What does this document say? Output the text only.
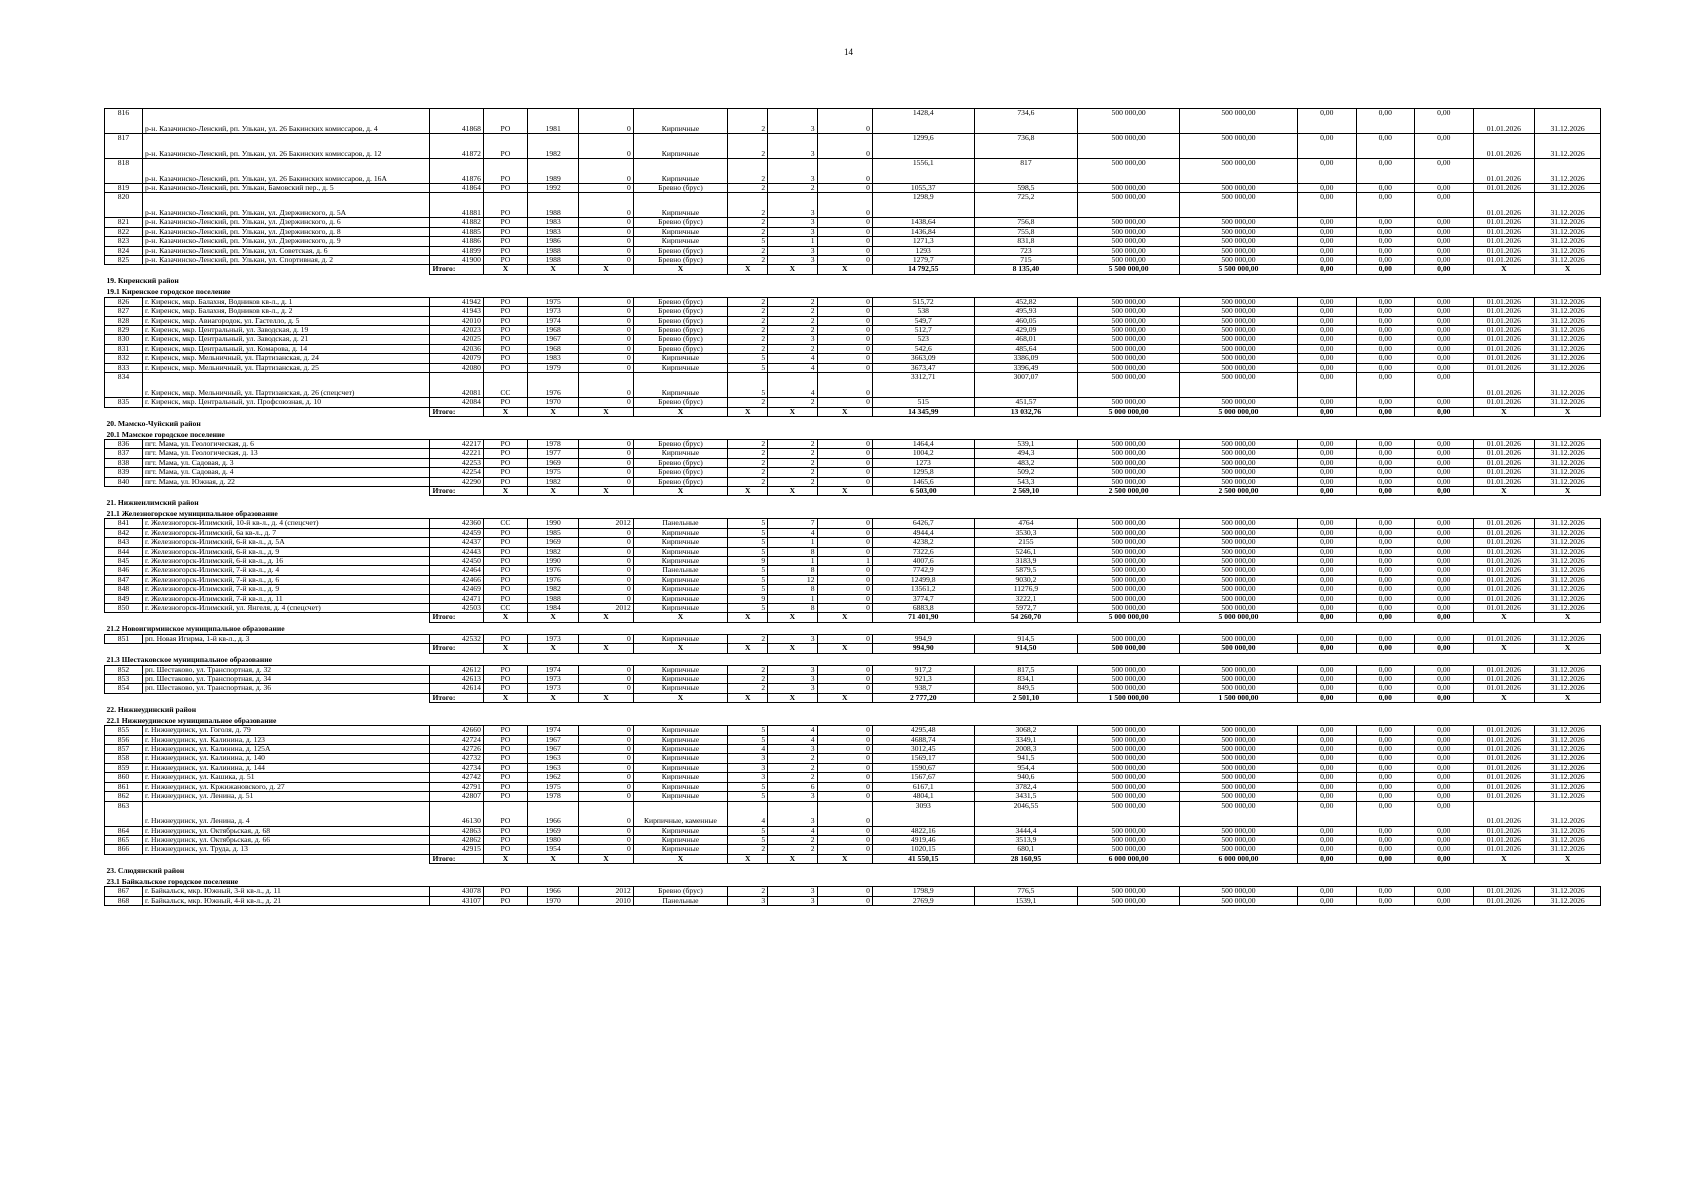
14
816	р-н. Казачинско-Ленский, рп. Улькан, ул. 26 Бакинских комиссаров, д. 4	41868	РО	1981	0	Кирпичные	2	3	0	1428,4	734,6	500 000,00	500 000,00	0,00	0,00	0,00	01.01.2026	31.12.2026
817	р-н. Казачинско-Ленский, рп. Улькан, ул. 26 Бакинских комиссаров, д. 12	41872	РО	1982	0	Кирпичные	2	3	0	1299,6	736,8	500 000,00	500 000,00	0,00	0,00	0,00	01.01.2026	31.12.2026
818	р-н. Казачинско-Ленский, рп. Улькан, ул. 26 Бакинских комиссаров, д. 16А	41876	РО	1989	0	Кирпичные	2	3	0	1556,1	817	500 000,00	500 000,00	0,00	0,00	0,00	01.01.2026	31.12.2026
819	р-н. Казачинско-Ленский, рп. Улькан, Бамовский пер., д. 5	41864	РО	1992	0	Бревно (брус)	2	2	0	1055,37	598,5	500 000,00	500 000,00	0,00	0,00	0,00	01.01.2026	31.12.2026
820	р-н. Казачинско-Ленский, рп. Улькан, ул. Дзержинского, д. 5А	41881	РО	1988	0	Кирпичные	2	3	0	1298,9	725,2	500 000,00	500 000,00	0,00	0,00	0,00	01.01.2026	31.12.2026
821	р-н. Казачинско-Ленский, рп. Улькан, ул. Дзержинского, д. 6	41882	РО	1983	0	Бревно (брус)	2	3	0	1438,64	756,8	500 000,00	500 000,00	0,00	0,00	0,00	01.01.2026	31.12.2026
822	р-н. Казачинско-Ленский, рп. Улькан, ул. Дзержинского, д. 8	41885	РО	1983	0	Кирпичные	2	3	0	1436,84	755,8	500 000,00	500 000,00	0,00	0,00	0,00	01.01.2026	31.12.2026
823	р-н. Казачинско-Ленский, рп. Улькан, ул. Дзержинского, д. 9	41886	РО	1986	0	Кирпичные	5	1	0	1271,3	831,8	500 000,00	500 000,00	0,00	0,00	0,00	01.01.2026	31.12.2026
824	р-н. Казачинско-Ленский, рп. Улькан, ул. Советская, д. 6	41899	РО	1988	0	Бревно (брус)	2	3	0	1293	723	500 000,00	500 000,00	0,00	0,00	0,00	01.01.2026	31.12.2026
825	р-н. Казачинско-Ленский, рп. Улькан, ул. Спортивная, д. 2	41900	РО	1988	0	Бревно (брус)	2	3	0	1279,7	715	500 000,00	500 000,00	0,00	0,00	0,00	01.01.2026	31.12.2026
		Итого:	X	X	X	X	X	X	X	14 792,55	8 135,40	5 500 000,00	5 500 000,00	0,00	0,00	0,00	X	X
19. Киренский район																		
19.1 Киренское городское поселение																		
826	г. Киренск, мкр. Балахня, Водников кв-л., д. 1	41942	РО	1975	0	Бревно (брус)	2	2	0	515,72	452,82	500 000,00	500 000,00	0,00	0,00	0,00	01.01.2026	31.12.2026
827	г. Киренск, мкр. Балахня, Водников кв-л., д. 2	41943	РО	1973	0	Бревно (брус)	2	2	0	538	495,93	500 000,00	500 000,00	0,00	0,00	0,00	01.01.2026	31.12.2026
828	г. Киренск, мкр. Авиагородок, ул. Гастелло, д. 5	42010	РО	1974	0	Бревно (брус)	2	2	0	549,7	460,05	500 000,00	500 000,00	0,00	0,00	0,00	01.01.2026	31.12.2026
829	г. Киренск, мкр. Центральный, ул. Заводская, д. 19	42023	РО	1968	0	Бревно (брус)	2	2	0	512,7	429,09	500 000,00	500 000,00	0,00	0,00	0,00	01.01.2026	31.12.2026
830	г. Киренск, мкр. Центральный, ул. Заводская, д. 21	42025	РО	1967	0	Бревно (брус)	2	3	0	523	468,01	500 000,00	500 000,00	0,00	0,00	0,00	01.01.2026	31.12.2026
831	г. Киренск, мкр. Центральный, ул. Комарова, д. 14	42036	РО	1968	0	Бревно (брус)	2	2	0	542,6	485,64	500 000,00	500 000,00	0,00	0,00	0,00	01.01.2026	31.12.2026
832	г. Киренск, мкр. Мельничный, ул. Партизанская, д. 24	42079	РО	1983	0	Кирпичные	5	4	0	3663,09	3386,09	500 000,00	500 000,00	0,00	0,00	0,00	01.01.2026	31.12.2026
833	г. Киренск, мкр. Мельничный, ул. Партизанская, д. 25	42080	РО	1979	0	Кирпичные	5	4	0	3673,47	3396,49	500 000,00	500 000,00	0,00	0,00	0,00	01.01.2026	31.12.2026
834	г. Киренск, мкр. Мельничный, ул. Партизанская, д. 26 (спецсчет)	42081	СС	1976	0	Кирпичные	5	4	0	3312,71	3007,07	500 000,00	500 000,00	0,00	0,00	0,00	01.01.2026	31.12.2026
835	г. Киренск, мкр. Центральный, ул. Профсоюзная, д. 10	42084	РО	1970	0	Бревно (брус)	2	2	0	515	451,57	500 000,00	500 000,00	0,00	0,00	0,00	01.01.2026	31.12.2026
		Итого:	X	X	X	X	X	X	X	14 345,99	13 032,76	5 000 000,00	5 000 000,00	0,00	0,00	0,00	X	X
20. Мамско-Чуйский район																		
20.1 Мамское городское поселение																		
836	пгт. Мама, ул. Геологическая, д. 6	42217	РО	1978	0	Бревно (брус)	2	2	0	1464,4	539,1	500 000,00	500 000,00	0,00	0,00	0,00	01.01.2026	31.12.2026
837	пгт. Мама, ул. Геологическая, д. 13	42221	РО	1977	0	Кирпичные	2	2	0	1004,2	494,3	500 000,00	500 000,00	0,00	0,00	0,00	01.01.2026	31.12.2026
838	пгт. Мама, ул. Садовая, д. 3	42253	РО	1969	0	Бревно (брус)	2	2	0	1273	483,2	500 000,00	500 000,00	0,00	0,00	0,00	01.01.2026	31.12.2026
839	пгт. Мама, ул. Садовая, д. 4	42254	РО	1975	0	Бревно (брус)	2	2	0	1295,8	509,2	500 000,00	500 000,00	0,00	0,00	0,00	01.01.2026	31.12.2026
840	пгт. Мама, ул. Южная, д. 22	42290	РО	1982	0	Бревно (брус)	2	2	0	1465,6	543,3	500 000,00	500 000,00	0,00	0,00	0,00	01.01.2026	31.12.2026
		Итого:	X	X	X	X	X	X	X	6 503,00	2 569,10	2 500 000,00	2 500 000,00	0,00	0,00	0,00	X	X
21. Нижнеилимский район																		
21.1 Железногорское муниципальное образование																		
841	г. Железногорск-Илимский, 10-й кв-л., д. 4 (спецсчет)	42360	СС	1990	2012	Панельные	5	7	0	6426,7	4764	500 000,00	500 000,00	0,00	0,00	0,00	01.01.2026	31.12.2026
842	г. Железногорск-Илимский, 6а кв-л., д. 7	42459	РО	1985	0	Кирпичные	5	4	0	4944,4	3530,3	500 000,00	500 000,00	0,00	0,00	0,00	01.01.2026	31.12.2026
843	г. Железногорск-Илимский, 6-й кв-л., д. 5А	42437	РО	1969	0	Кирпичные	5	1	0	4238,2	2155	500 000,00	500 000,00	0,00	0,00	0,00	01.01.2026	31.12.2026
844	г. Железногорск-Илимский, 6-й кв-л., д. 9	42443	РО	1982	0	Кирпичные	5	8	0	7322,6	5246,1	500 000,00	500 000,00	0,00	0,00	0,00	01.01.2026	31.12.2026
845	г. Железногорск-Илимский, 6-й кв-л., д. 16	42450	РО	1990	0	Кирпичные	9	1	1	4007,6	3183,9	500 000,00	500 000,00	0,00	0,00	0,00	01.01.2026	31.12.2026
846	г. Железногорск-Илимский, 7-й кв-л., д. 4	42464	РО	1976	0	Панельные	5	8	0	7742,9	5879,5	500 000,00	500 000,00	0,00	0,00	0,00	01.01.2026	31.12.2026
847	г. Железногорск-Илимский, 7-й кв-л., д. 6	42466	РО	1976	0	Кирпичные	5	12	0	12499,8	9030,2	500 000,00	500 000,00	0,00	0,00	0,00	01.01.2026	31.12.2026
848	г. Железногорск-Илимский, 7-й кв-л., д. 9	42469	РО	1982	0	Кирпичные	5	8	0	13561,2	11276,9	500 000,00	500 000,00	0,00	0,00	0,00	01.01.2026	31.12.2026
849	г. Железногорск-Илимский, 7-й кв-л., д. 11	42471	РО	1988	0	Кирпичные	9	1	0	3774,7	3222,1	500 000,00	500 000,00	0,00	0,00	0,00	01.01.2026	31.12.2026
850	г. Железногорск-Илимский, ул. Янгеля, д. 4 (спецсчет)	42503	СС	1984	2012	Кирпичные	5	8	0	6883,8	5972,7	500 000,00	500 000,00	0,00	0,00	0,00	01.01.2026	31.12.2026
		Итого:	X	X	X	X	X	X	X	71 401,90	54 260,70	5 000 000,00	5 000 000,00	0,00	0,00	0,00	X	X
21.2 Новоигирминское муниципальное образование																		
851	рп. Новая Игирма, 1-й кв-л., д. 3	42532	РО	1973	0	Кирпичные	2	3	0	994,9	914,5	500 000,00	500 000,00	0,00	0,00	0,00	01.01.2026	31.12.2026
		Итого:	X	X	X	X	X	X	X	994,90	914,50	500 000,00	500 000,00	0,00	0,00	0,00	X	X
21.3 Шестаковское муниципальное образование																		
852	рп. Шестаково, ул. Транспортная, д. 32	42612	РО	1974	0	Кирпичные	2	3	0	917,2	817,5	500 000,00	500 000,00	0,00	0,00	0,00	01.01.2026	31.12.2026
853	рп. Шестаково, ул. Транспортная, д. 34	42613	РО	1973	0	Кирпичные	2	3	0	921,3	834,1	500 000,00	500 000,00	0,00	0,00	0,00	01.01.2026	31.12.2026
854	рп. Шестаково, ул. Транспортная, д. 36	42614	РО	1973	0	Кирпичные	2	3	0	938,7	849,5	500 000,00	500 000,00	0,00	0,00	0,00	01.01.2026	31.12.2026
		Итого:	X	X	X	X	X	X	X	2 777,20	2 501,10	1 500 000,00	1 500 000,00	0,00	0,00	0,00	X	X
22. Нижнеудинский район																		
22.1 Нижнеудинское муниципальное образование																		
855	г. Нижнеудинск, ул. Гоголя, д. 79	42660	РО	1974	0	Кирпичные	5	4	0	4295,48	3068,2	500 000,00	500 000,00	0,00	0,00	0,00	01.01.2026	31.12.2026
856	г. Нижнеудинск, ул. Калинина, д. 123	42724	РО	1967	0	Кирпичные	5	4	0	4688,74	3349,1	500 000,00	500 000,00	0,00	0,00	0,00	01.01.2026	31.12.2026
857	г. Нижнеудинск, ул. Калинина, д. 125А	42726	РО	1967	0	Кирпичные	4	3	0	3012,45	2008,3	500 000,00	500 000,00	0,00	0,00	0,00	01.01.2026	31.12.2026
858	г. Нижнеудинск, ул. Калинина, д. 140	42732	РО	1963	0	Кирпичные	3	2	0	1569,17	941,5	500 000,00	500 000,00	0,00	0,00	0,00	01.01.2026	31.12.2026
859	г. Нижнеудинск, ул. Калинина, д. 144	42734	РО	1963	0	Кирпичные	3	2	0	1590,67	954,4	500 000,00	500 000,00	0,00	0,00	0,00	01.01.2026	31.12.2026
860	г. Нижнеудинск, ул. Кашика, д. 51	42742	РО	1962	0	Кирпичные	3	2	0	1567,67	940,6	500 000,00	500 000,00	0,00	0,00	0,00	01.01.2026	31.12.2026
861	г. Нижнеудинск, ул. Кржижановского, д. 27	42791	РО	1975	0	Кирпичные	5	6	0	6167,1	3782,4	500 000,00	500 000,00	0,00	0,00	0,00	01.01.2026	31.12.2026
862	г. Нижнеудинск, ул. Ленина, д. 51	42807	РО	1978	0	Кирпичные	5	3	0	4804,1	3431,5	500 000,00	500 000,00	0,00	0,00	0,00	01.01.2026	31.12.2026
863	г. Нижнеудинск, ул. Ленина, д. 4	46130	РО	1966	0	Кирпичные, каменные	4	3	0	3093	2046,55	500 000,00	500 000,00	0,00	0,00	0,00	01.01.2026	31.12.2026
864	г. Нижнеудинск, ул. Октябрьская, д. 68	42863	РО	1969	0	Кирпичные	5	4	0	4822,16	3444,4	500 000,00	500 000,00	0,00	0,00	0,00	01.01.2026	31.12.2026
865	г. Нижнеудинск, ул. Октябрьская, д. 66	42862	РО	1980	0	Кирпичные	5	2	0	4919,46	3513,9	500 000,00	500 000,00	0,00	0,00	0,00	01.01.2026	31.12.2026
866	г. Нижнеудинск, ул. Труда, д. 13	42915	РО	1954	0	Кирпичные	2	2	0	1020,15	680,1	500 000,00	500 000,00	0,00	0,00	0,00	01.01.2026	31.12.2026
		Итого:	X	X	X	X	X	X	X	41 550,15	28 160,95	6 000 000,00	6 000 000,00	0,00	0,00	0,00	X	X
23. Слюдянский район																		
23.1 Байкальское городское поселение																		
867	г. Байкальск, мкр. Южный, 3-й кв-л., д. 11	43078	РО	1966	2012	Бревно (брус)	2	3	0	1798,9	776,5	500 000,00	500 000,00	0,00	0,00	0,00	01.01.2026	31.12.2026
868	г. Байкальск, мкр. Южный, 4-й кв-л., д. 21	43107	РО	1970	2010	Панельные	3	3	0	2769,9	1539,1	500 000,00	500 000,00	0,00	0,00	0,00	01.01.2026	31.12.2026
